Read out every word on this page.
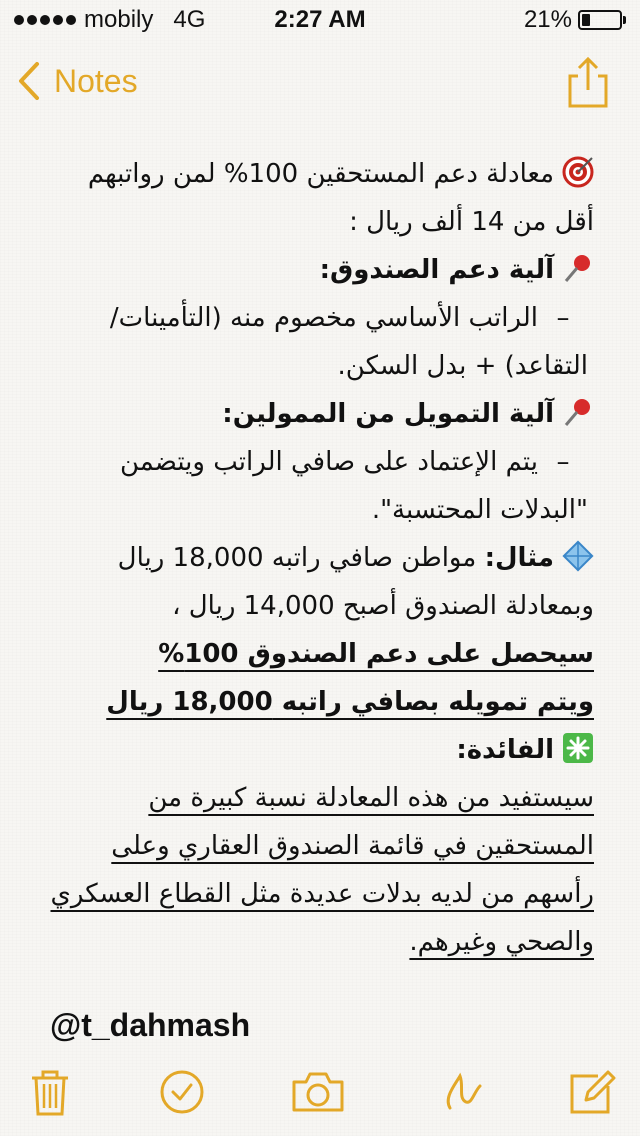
mobily 4G	2:27 AM	21%
Notes

معادلة دعم المستحقين 100% لمن رواتبهم أقل من 14 ألف ريال :

آلية دعم الصندوق:

–الراتب الأساسي مخصوم منه (التأمينات/التقاعد) + بدل السكن.

آلية التمويل من الممولين:

–يتم الإعتماد على صافي الراتب ويتضمن "البدلات المحتسبة".

مثال: مواطن صافي راتبه 18,000 ريال وبمعادلة الصندوق أصبح 14,000 ريال ،

سيحصل على دعم الصندوق 100%

ويتم تمويله بصافي راتبه 18,000 ريال

الفائدة:

سيستفيد من هذه المعادلة نسبة كبيرة من المستحقين في قائمة الصندوق العقاري وعلى رأسهم من لديه بدلات عديدة مثل القطاع العسكري والصحي وغيرهم.

@t_dahmash
